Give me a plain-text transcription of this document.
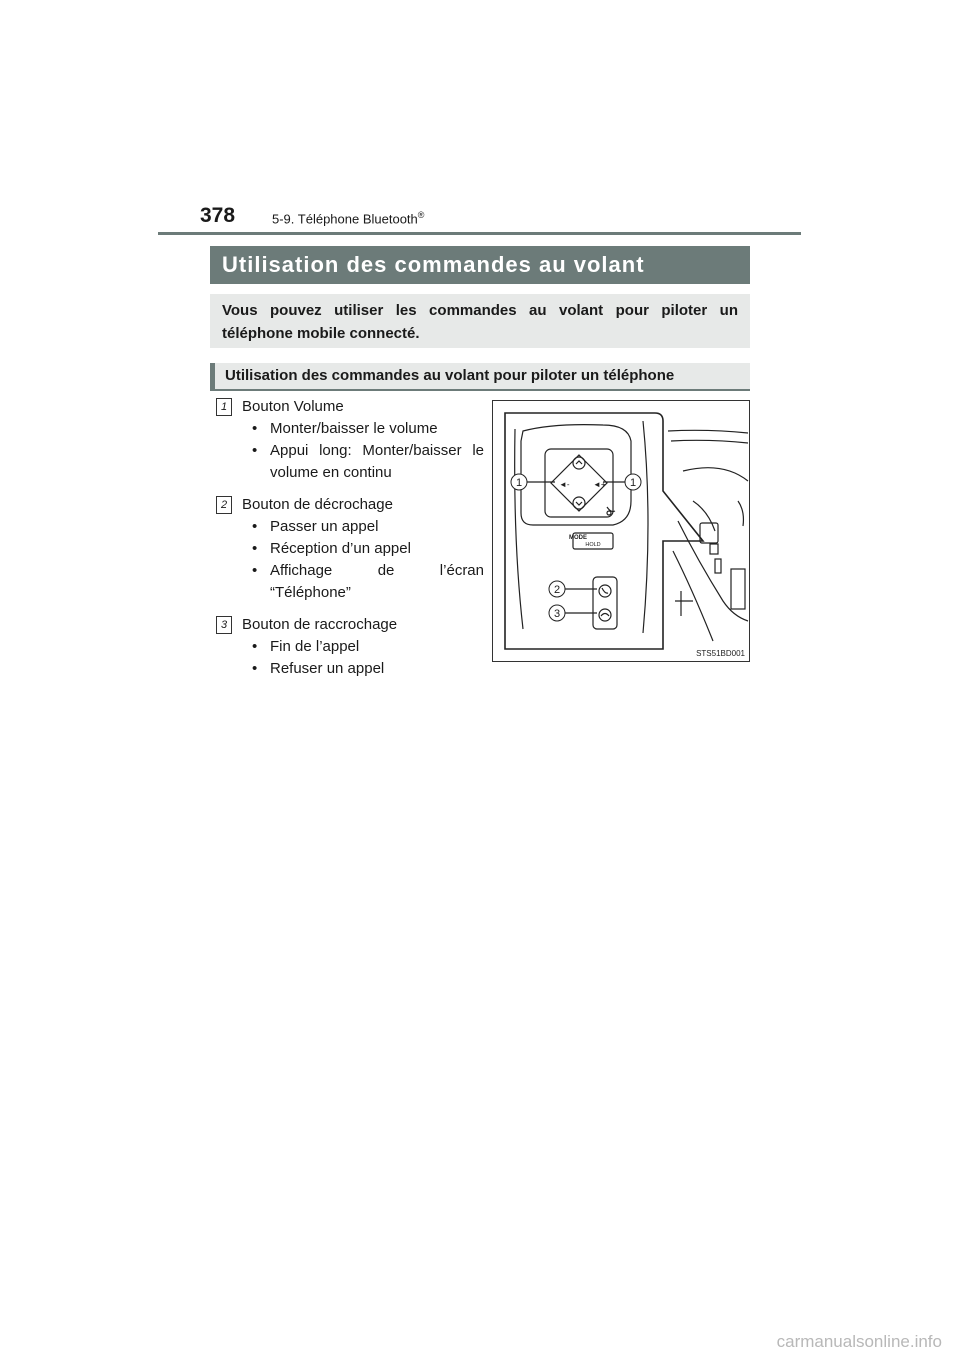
378	5-9. Téléphone Bluetooth®
Utilisation des commandes au volant
Vous pouvez utiliser les commandes au volant pour piloter un téléphone mobile connecté.
Utilisation des commandes au volant pour piloter un téléphone
1 Bouton Volume
• Monter/baisser le volume
• Appui long: Monter/baisser le volume en continu
2 Bouton de décrochage
• Passer un appel
• Réception d’un appel
• Affichage de l’écran “Téléphone”
3 Bouton de raccrochage
• Fin de l’appel
• Refuser un appel
◄-	◄+
MODE
HOLD
1	1
2
3
STS51BD001
carmanualsonline.info
